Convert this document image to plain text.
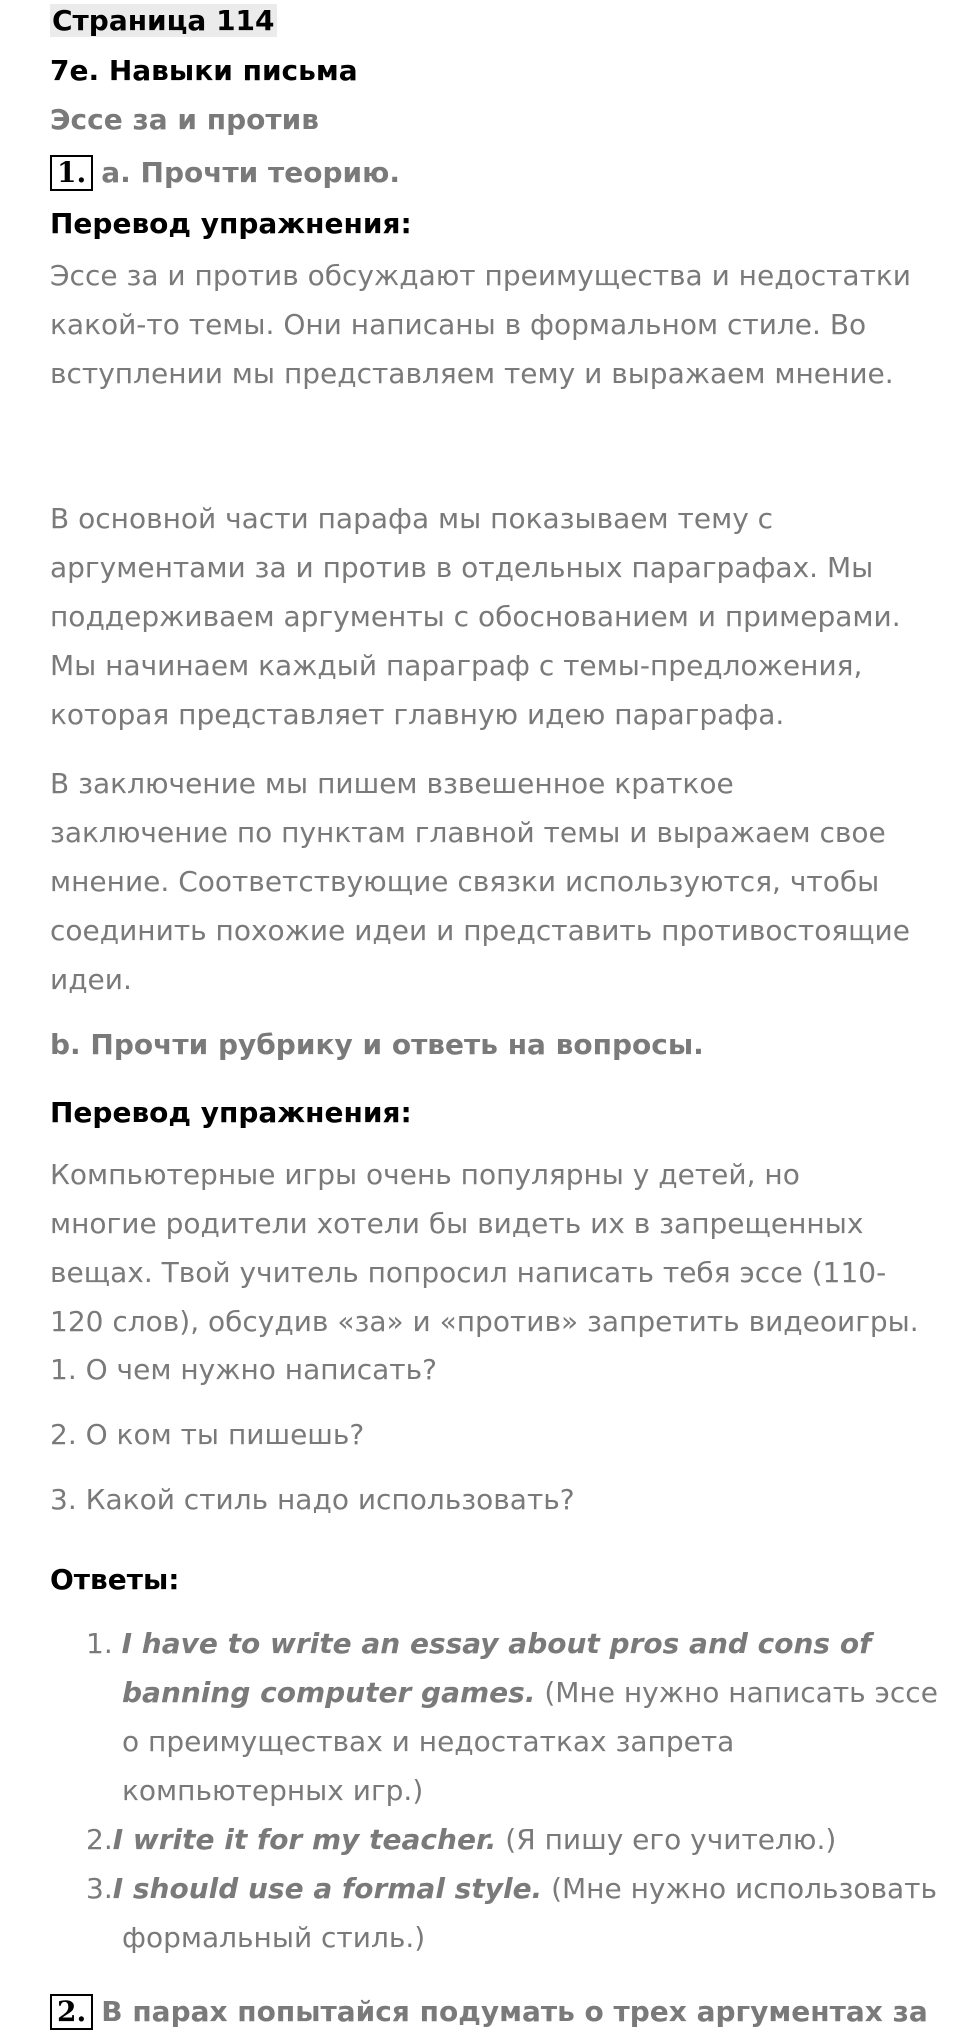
Страница 114
7e. Навыки письма
Эссе за и против
1. a. Прочти теорию.
Перевод упражнения:
Эссе за и против обсуждают преимущества и недостатки
какой-то темы. Они написаны в формальном стиле. Во
вступлении мы представляем тему и выражаем мнение.
В основной части парафа мы показываем тему с
аргументами за и против в отдельных параграфах. Мы
поддерживаем аргументы с обоснованием и примерами.
Мы начинаем каждый параграф с темы-предложения,
которая представляет главную идею параграфа.
В заключение мы пишем взвешенное краткое
заключение по пунктам главной темы и выражаем свое
мнение. Соответствующие связки используются, чтобы
соединить похожие идеи и представить противостоящие
идеи.
b. Прочти рубрику и ответь на вопросы.
Перевод упражнения:
Компьютерные игры очень популярны у детей, но
многие родители хотели бы видеть их в запрещенных
вещах. Твой учитель попросил написать тебя эссе (110-
120 слов), обсудив «за» и «против» запретить видеоигры.
1. О чем нужно написать?
2. О ком ты пишешь?
3. Какой стиль надо использовать?
Ответы:
1. I have to write an essay about pros and cons of
banning computer games. (Мне нужно написать эссе
о преимуществах и недостатках запрета
компьютерных игр.)
2.I write it for my teacher. (Я пишу его учителю.)
3.I should use a formal style. (Мне нужно использовать
формальный стиль.)
2. В парах попытайся подумать о трех аргументах за
